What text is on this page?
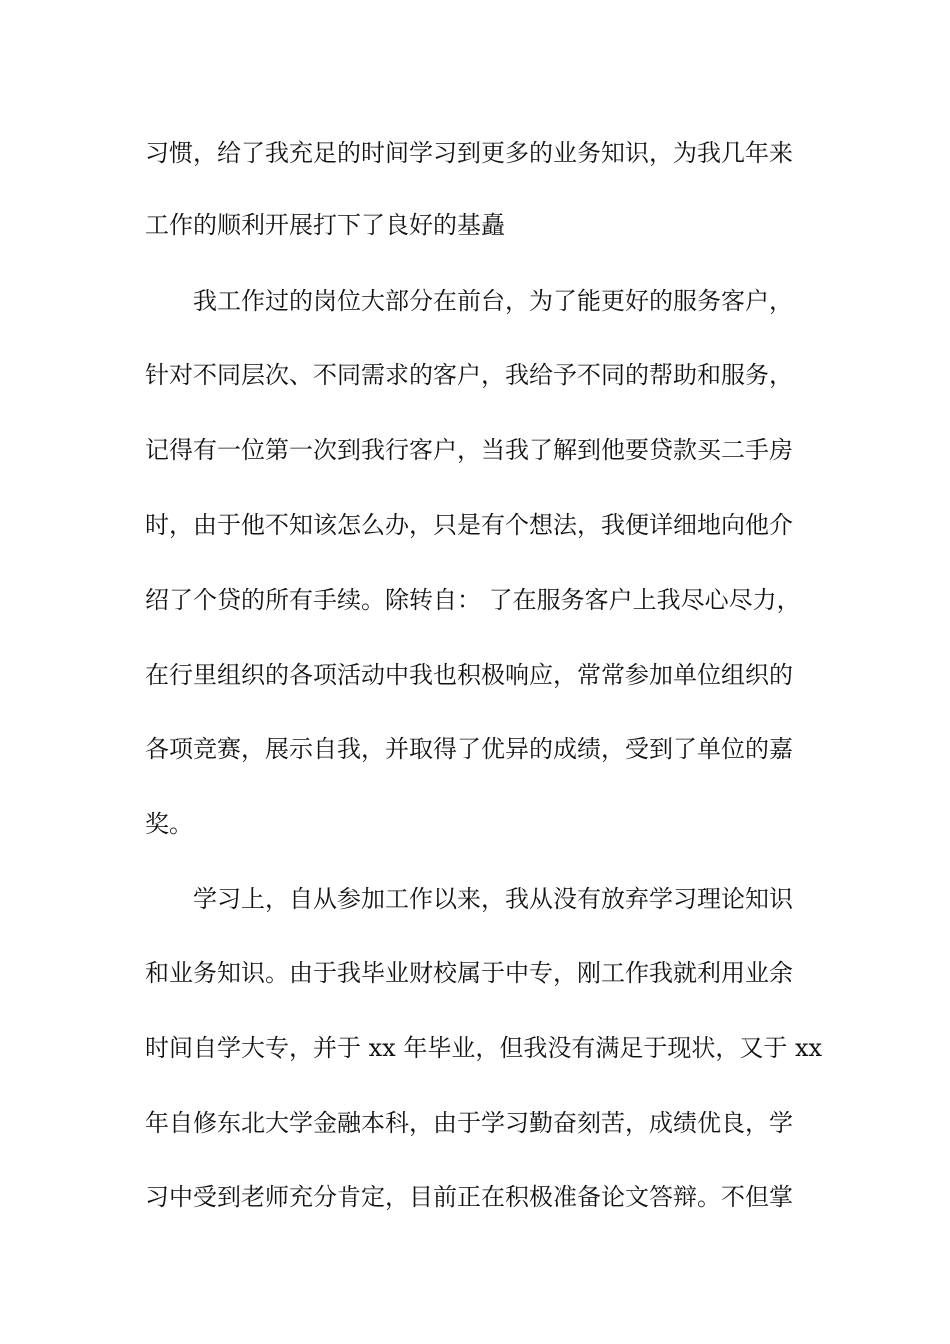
习惯，给了我充足的时间学习到更多的业务知识，为我几年来
工作的顺利开展打下了良好的基矗
我工作过的岗位大部分在前台，为了能更好的服务客户，
针对不同层次、不同需求的客户，我给予不同的帮助和服务，
记得有一位第一次到我行客户，当我了解到他要贷款买二手房
时，由于他不知该怎么办，只是有个想法，我便详细地向他介
绍了个贷的所有手续。除转自： 了在服务客户上我尽心尽力，
在行里组织的各项活动中我也积极响应，常常参加单位组织的
各项竞赛，展示自我，并取得了优异的成绩，受到了单位的嘉
奖。
学习上，自从参加工作以来，我从没有放弃学习理论知识
和业务知识。由于我毕业财校属于中专，刚工作我就利用业余
时间自学大专，并于 xx 年毕业，但我没有满足于现状，又于 xx
年自修东北大学金融本科，由于学习勤奋刻苦，成绩优良，学
习中受到老师充分肯定，目前正在积极准备论文答辩。不但掌
